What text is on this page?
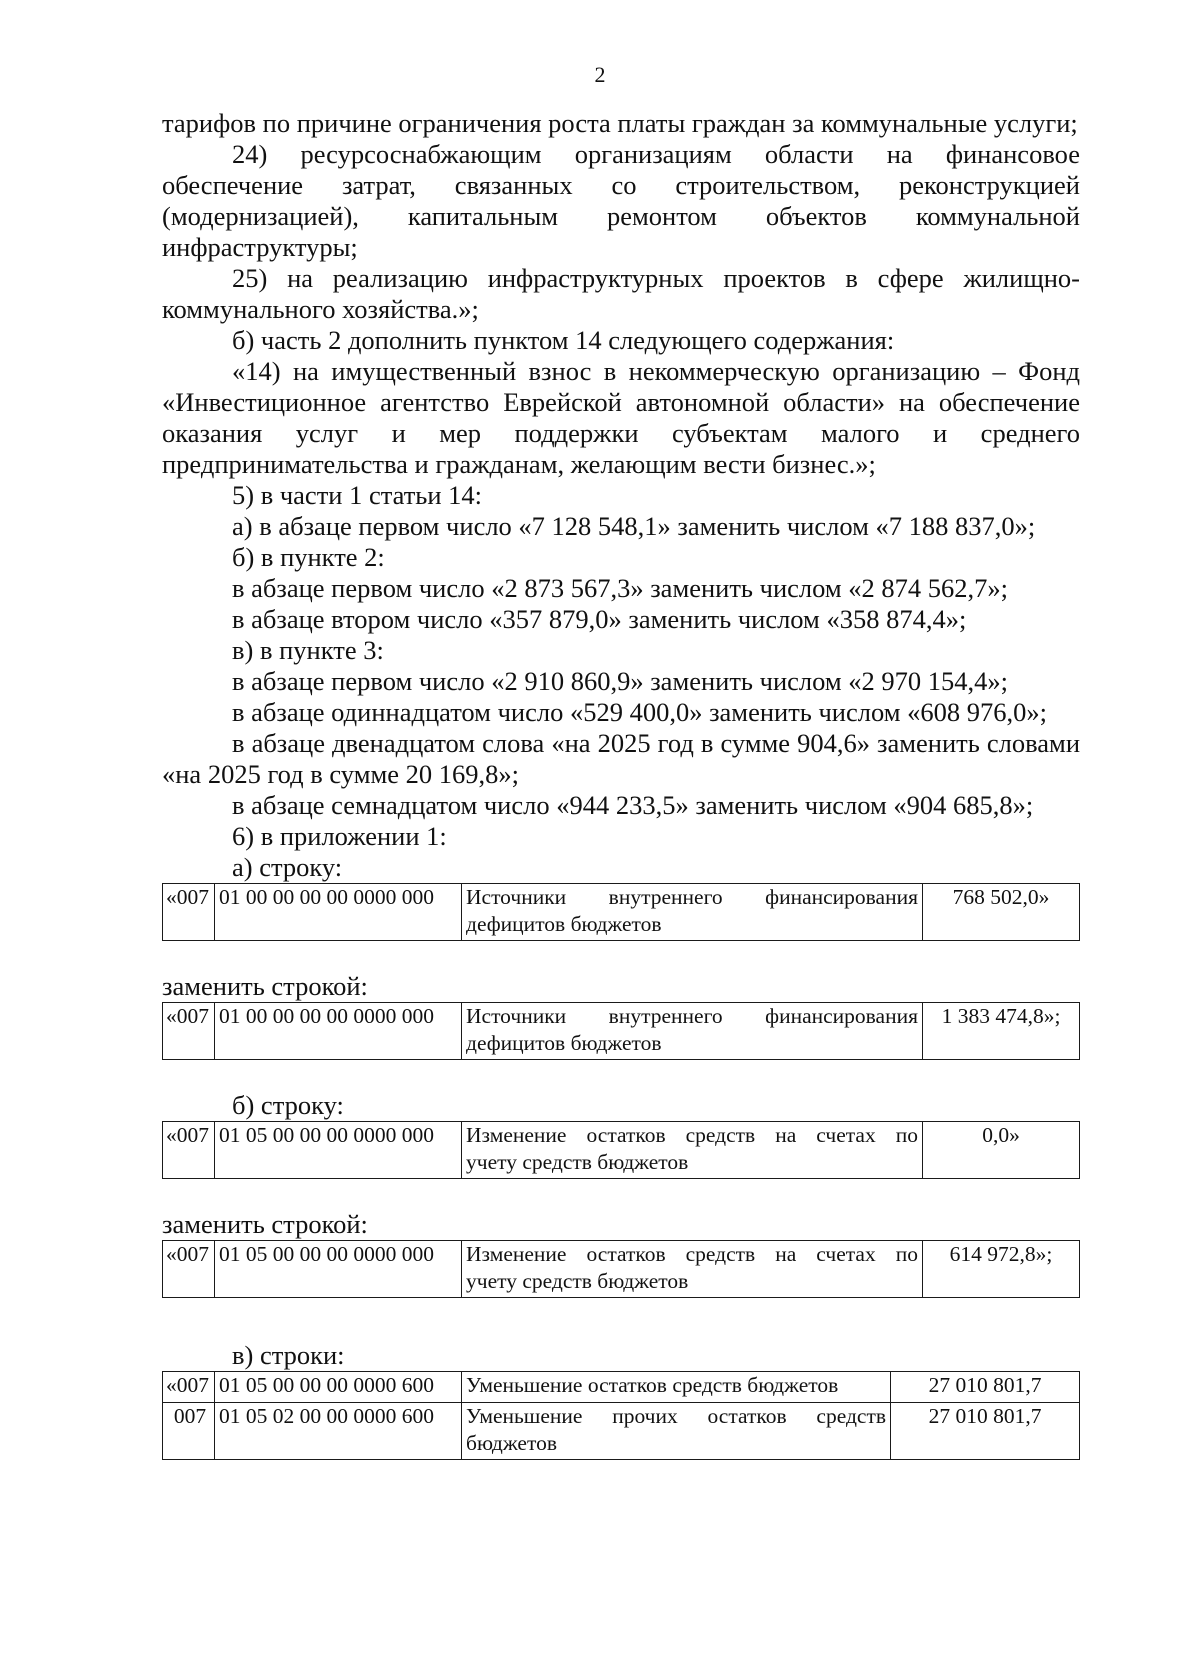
2

тарифов по причине ограничения роста платы граждан за коммунальные услуги;

24) ресурсоснабжающим организациям области на финансовое обеспечение затрат, связанных со строительством, реконструкцией (модернизацией), капитальным ремонтом объектов коммунальной инфраструктуры;

25) на реализацию инфраструктурных проектов в сфере жилищно-коммунального хозяйства.»;

б) часть 2 дополнить пунктом 14 следующего содержания:

«14) на имущественный взнос в некоммерческую организацию – Фонд «Инвестиционное агентство Еврейской автономной области» на обеспечение оказания услуг и мер поддержки субъектам малого и среднего предпринимательства и гражданам, желающим вести бизнес.»;

5) в части 1 статьи 14:

а) в абзаце первом число «7 128 548,1» заменить числом «7 188 837,0»;

б) в пункте 2:

в абзаце первом число «2 873 567,3» заменить числом «2 874 562,7»;

в абзаце втором число «357 879,0» заменить числом «358 874,4»;

в) в пункте 3:

в абзаце первом число «2 910 860,9» заменить числом «2 970 154,4»;

в абзаце одиннадцатом число «529 400,0» заменить числом «608 976,0»;

в абзаце двенадцатом слова «на 2025 год в сумме 904,6» заменить словами «на 2025 год в сумме 20 169,8»;

в абзаце семнадцатом число «944 233,5» заменить числом «904 685,8»;

6) в приложении 1:

а) строку:

«007	01 00 00 00 00 0000 000	Источники внутреннего финансирования
дефицитов бюджетов	768 502,0»

заменить строкой:

«007	01 00 00 00 00 0000 000	Источники внутреннего финансирования
дефицитов бюджетов	1 383 474,8»;

б) строку:

«007	01 05 00 00 00 0000 000	Изменение остатков средств на счетах по
учету средств бюджетов	0,0»

заменить строкой:

«007	01 05 00 00 00 0000 000	Изменение остатков средств на счетах по
учету средств бюджетов	614 972,8»;

в) строки:

«007	01 05 00 00 00 0000 600	Уменьшение остатков средств бюджетов	27 010 801,7
007	01 05 02 00 00 0000 600	Уменьшение прочих остатков средств
бюджетов	27 010 801,7
